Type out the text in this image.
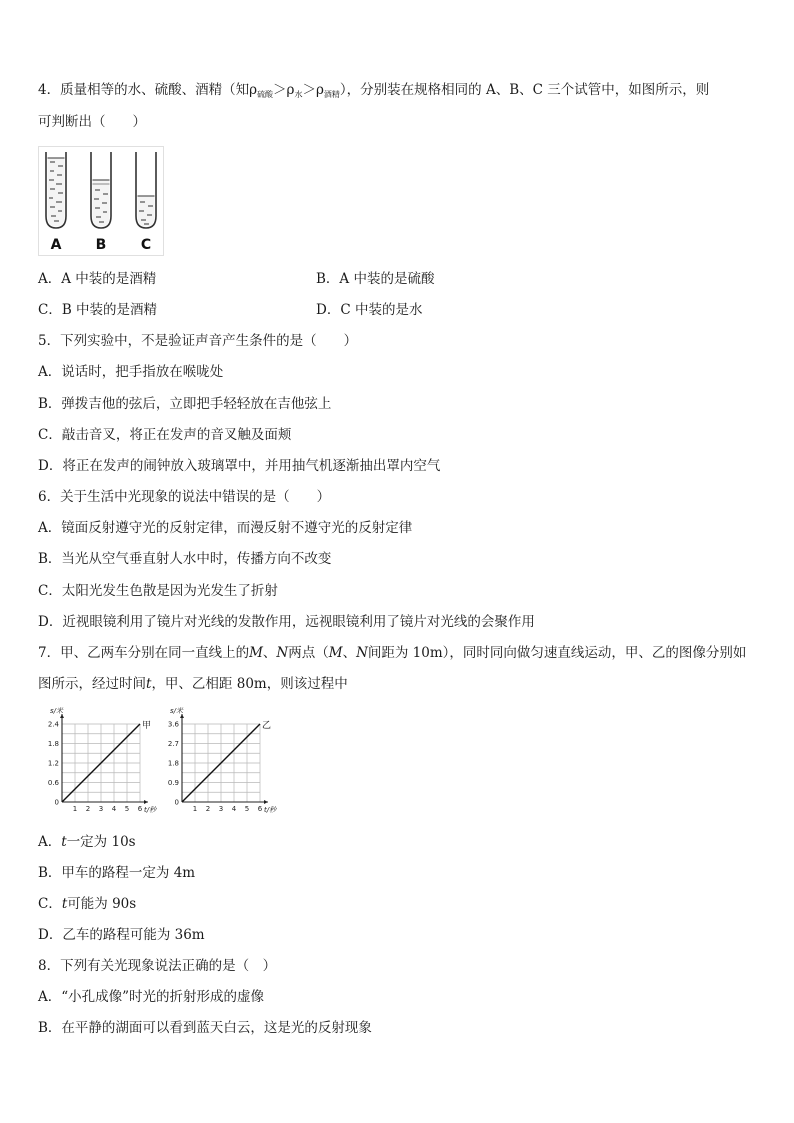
4．质量相等的水、硫酸、酒精（知$\rho_{硫酸}>\rho_水>\rho_{酒精}$），分别装在规格相同的 A、B、C 三个试管中，如图所示，则
可判断出（　　）
A B C
A．A 中装的是酒精	B．A 中装的是硫酸
C．B 中装的是酒精	D．C 中装的是水
5．下列实验中，不是验证声音产生条件的是（　　）
A．说话时，把手指放在喉咙处
B．弹拨吉他的弦后，立即把手轻轻放在吉他弦上
C．敲击音叉，将正在发声的音叉触及面颊
D．将正在发声的闹钟放入玻璃罩中，并用抽气机逐渐抽出罩内空气
6．关于生活中光现象的说法中错误的是（　　）
A．镜面反射遵守光的反射定律，而漫反射不遵守光的反射定律
B．当光从空气垂直射人水中时，传播方向不改变
C．太阳光发生色散是因为光发生了折射
D．近视眼镜利用了镜片对光线的发散作用，远视眼镜利用了镜片对光线的会聚作用
7．甲、乙两车分别在同一直线上的M、N两点（M、N间距为 10m），同时同向做匀速直线运动，甲、乙的图像分别如
图所示，经过时间t，甲、乙相距 80m，则该过程中
1 2 3 4 5 6
0
0.6
1.2
1.8
2.4
s/米
t/秒
甲
1 2 3 4 5 6
0
0.9
1.8
2.7
3.6
s/米
t/秒
乙
A．t一定为 10s
B．甲车的路程一定为 4m
C．t可能为 90s
D．乙车的路程可能为 36m
8．下列有关光现象说法正确的是（　）
A．“小孔成像”时光的折射形成的虚像
B．在平静的湖面可以看到蓝天白云，这是光的反射现象
